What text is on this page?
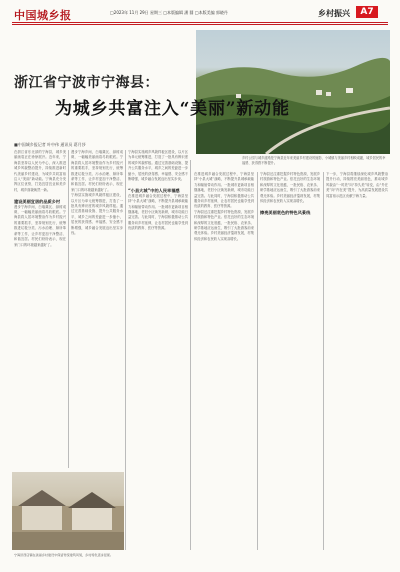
中国城乡报	□2023年 11月 29日 星期三 □本版编辑 潘 圆 □本版美编 郭晓丹	乡村振兴	A7
浙江省宁波市宁海县：
为城乡共富注入“美丽”新动能
■中国城乡报记者 叶中伟 通讯员 葛月莎
乡村公园与城乡道路是宁海县近年来美丽乡村建设的缩影，小城镇与美丽乡村相映成趣，城乡居民的幸福感、获得感不断提升。
在浙江省东北部的宁海县，城乡美丽画卷正在徐徐展开。近年来，宁海县坚持以人民为中心，深入推进城乡风貌整治提升，持续推进新时代美丽乡村建设，为城乡共同富裕注入“美丽”新动能。宁海县充分发挥区位优势，打造宜居宜业和美乡村，城乡面貌焕然一新。
建设美丽宜居的品质乡村
漫步宁海乡间，白墙黛瓦、绿树成荫，一幅幅美丽画卷尽收眼底。宁海县将人居环境整治作为乡村振兴的重要抓手，坚持规划先行，统筹推进垃圾分类、污水治理、厕所革命等工作，让乡村更加干净整洁、和谐宜居。村民们纷纷表示，现在家门口的环境越来越好了。
漫步宁海乡间，白墙黛瓦、绿树成荫，一幅幅美丽画卷尽收眼底。宁海县将人居环境整治作为乡村振兴的重要抓手，坚持规划先行，统筹推进垃圾分类、污水治理、厕所革命等工作，让乡村更加干净整洁、和谐宜居。村民们纷纷表示，现在家门口的环境越来越好了。
宁海县实施城乡风貌样板区建设，以片区为单元统筹推进，打造了一批具有辨识度的城乡风貌样板。通过完善基础设施、提升公共服务水平，城乡之间的差距进一步缩小，居民的获得感、幸福感、安全感不断增强，城乡融合发展迈出坚实步伐。
宁海县实施城乡风貌样板区建设，以片区为单元统筹推进，打造了一批具有辨识度的城乡风貌样板。通过完善基础设施、提升公共服务水平，城乡之间的差距进一步缩小，居民的获得感、幸福感、安全感不断增强，城乡融合发展迈出坚实步伐。
“小县大城”中的人民幸福感
在推进城乡融合发展过程中，宁海县坚持“小县大城”战略，不断提升县城承载能力和辐射带动作用。一批城市更新项目相继落地，老旧小区焕发新颜，城市功能日益完善。与此同时，宁海县积极推动公共服务向乡村延伸，让农村居民也能享受到优质的教育、医疗等资源。
在推进城乡融合发展过程中，宁海县坚持“小县大城”战略，不断提升县城承载能力和辐射带动作用。一批城市更新项目相继落地，老旧小区焕发新颜，城市功能日益完善。与此同时，宁海县积极推动公共服务向乡村延伸，让农村居民也能享受到优质的教育、医疗等资源。
宁海县还注重挖掘乡村特色资源，发展乡村旅游和特色产业。依托良好的生态环境和深厚的文化底蕴，一批民宿、农家乐、研学基地应运而生，吸引了大批游客前来观光体验。乡村美丽经济蓬勃发展，村集体经济和农民收入实现双增长。
宁海县还注重挖掘乡村特色资源，发展乡村旅游和特色产业。依托良好的生态环境和深厚的文化底蕴，一批民宿、农家乐、研学基地应运而生，吸引了大批游客前来观光体验。乡村美丽经济蓬勃发展，村集体经济和农民收入实现双增长。
擦亮美丽底色的特色风景线
下一步，宁海县将继续深化城乡风貌整治提升行动，持续擦亮美丽底色，推动城乡风貌由“一时美”向“持久美”转变，由“外在美”向“内在美”提升，为高质量发展建设共同富裕示范区贡献宁海力量。
宁海县西店镇在美丽乡村建设中保留传统建筑风貌，乡村特色逐步显现。
